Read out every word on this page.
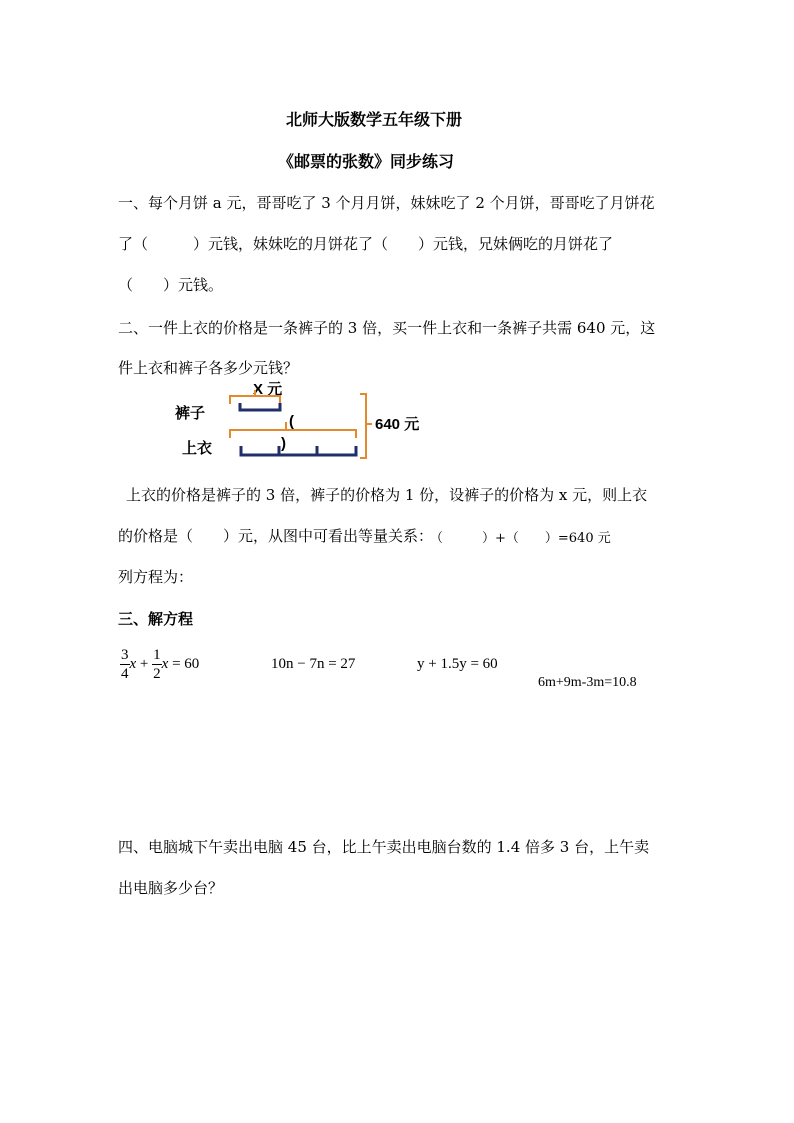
北师大版数学五年级下册
《邮票的张数》同步练习
一、每个月饼 a 元，哥哥吃了 3 个月月饼，妹妹吃了 2 个月饼，哥哥吃了月饼花
了（　　　）元钱，妹妹吃的月饼花了（　　）元钱，兄妹俩吃的月饼花了
（　　）元钱。
二、一件上衣的价格是一条裤子的 3 倍，买一件上衣和一条裤子共需 640 元，这
件上衣和裤子各多少元钱？
裤子
上衣
X 元
640 元
(
)
上衣的价格是裤子的 3 倍，裤子的价格为 1 份，设裤子的价格为 x 元，则上衣
的价格是（　　）元，从图中可看出等量关系：
（　　　）+（　　）=640 元
列方程为：
三、解方程
$\frac{3}{4}$ $x + \frac{1}{2}$ x = 60	10n − 7n = 27	y + 1.5y = 60
6m+9m-3m=10.8
四、电脑城下午卖出电脑 45 台，比上午卖出电脑台数的 1.4 倍多 3 台，上午卖
出电脑多少台？
